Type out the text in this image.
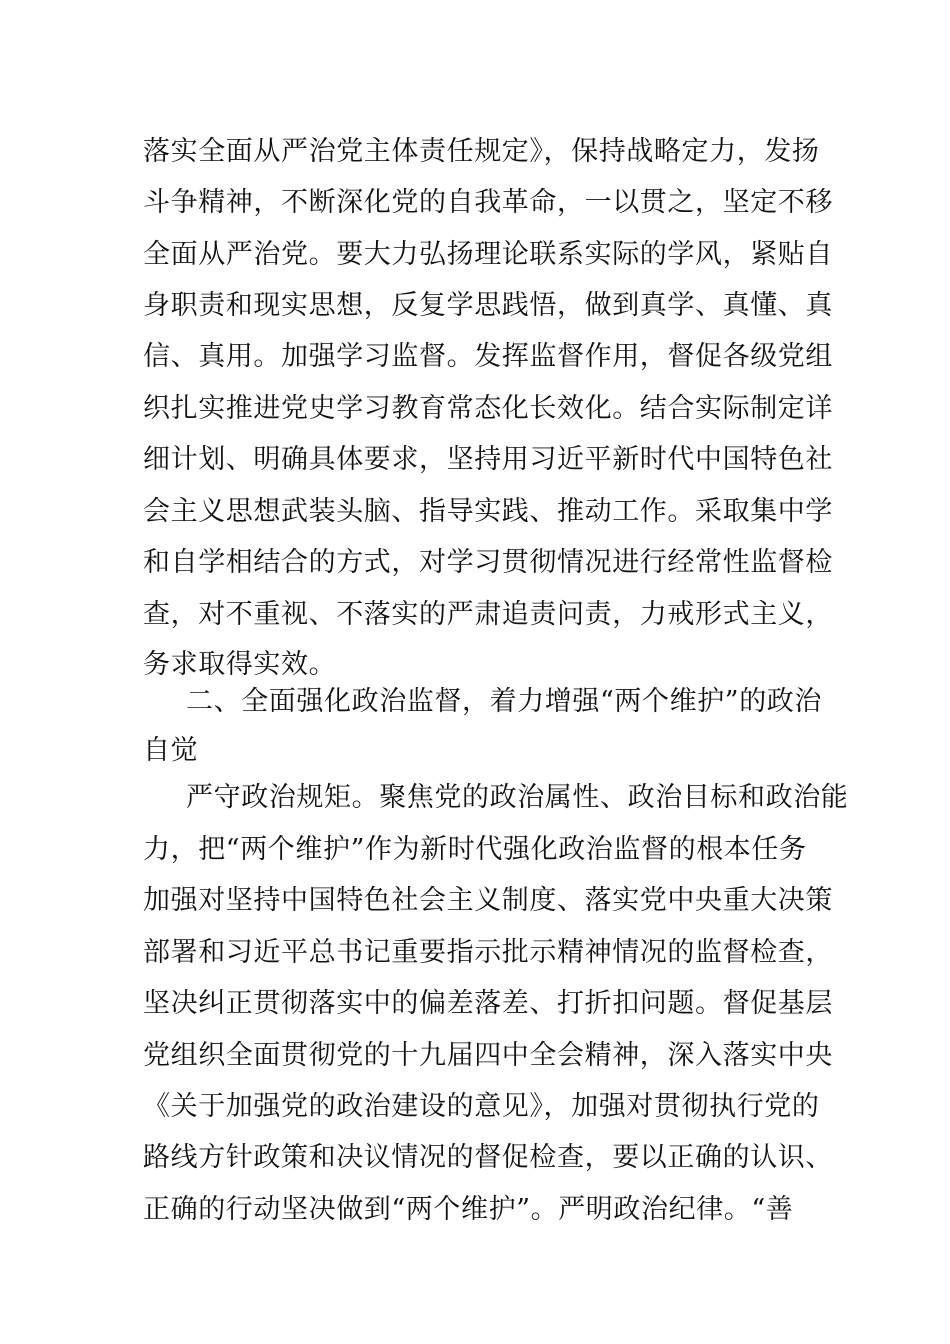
落实全面从严治党主体责任规定》，保持战略定力，发扬
斗争精神，不断深化党的自我革命，一以贯之，坚定不移
全面从严治党。要大力弘扬理论联系实际的学风，紧贴自
身职责和现实思想，反复学思践悟，做到真学、真懂、真
信、真用。加强学习监督。发挥监督作用，督促各级党组
织扎实推进党史学习教育常态化长效化。结合实际制定详
细计划、明确具体要求，坚持用习近平新时代中国特色社
会主义思想武装头脑、指导实践、推动工作。采取集中学
和自学相结合的方式，对学习贯彻情况进行经常性监督检
查，对不重视、不落实的严肃追责问责，力戒形式主义，
务求取得实效。
二、全面强化政治监督，着力增强“两个维护”的政治
自觉
严守政治规矩。聚焦党的政治属性、政治目标和政治能
力，把“两个维护”作为新时代强化政治监督的根本任务
加强对坚持中国特色社会主义制度、落实党中央重大决策
部署和习近平总书记重要指示批示精神情况的监督检查，
坚决纠正贯彻落实中的偏差落差、打折扣问题。督促基层
党组织全面贯彻党的十九届四中全会精神，深入落实中央
《关于加强党的政治建设的意见》，加强对贯彻执行党的
路线方针政策和决议情况的督促检查，要以正确的认识、
正确的行动坚决做到“两个维护”。严明政治纪律。“善
